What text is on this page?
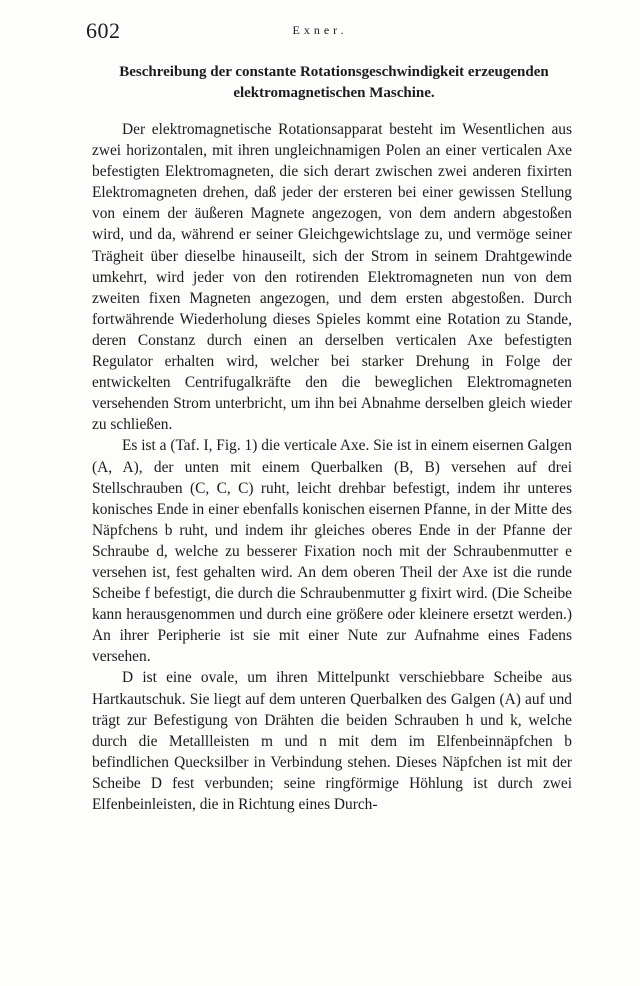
602	Exner.
Beschreibung der constante Rotationsgeschwindigkeit erzeugenden
elektromagnetischen Maschine.

Der elektromagnetische Rotationsapparat besteht im Wesentlichen aus zwei horizontalen, mit ihren ungleichnamigen Polen an einer verticalen Axe befestigten Elektromagneten, die sich derart zwischen zwei anderen fixirten Elektromagneten drehen, daß jeder der ersteren bei einer gewissen Stellung von einem der äußeren Magnete angezogen, von dem andern abgestoßen wird, und da, während er seiner Gleichgewichtslage zu, und vermöge seiner Trägheit über dieselbe hinauseilt, sich der Strom in seinem Drahtgewinde umkehrt, wird jeder von den rotirenden Elektromagneten nun von dem zweiten fixen Magneten angezogen, und dem ersten abgestoßen. Durch fortwährende Wiederholung dieses Spieles kommt eine Rotation zu Stande, deren Constanz durch einen an derselben verticalen Axe befestigten Regulator erhalten wird, welcher bei starker Drehung in Folge der entwickelten Centrifugalkräfte den die beweglichen Elektromagneten versehenden Strom unterbricht, um ihn bei Abnahme derselben gleich wieder zu schließen.

Es ist a (Taf. I, Fig. 1) die verticale Axe. Sie ist in einem eisernen Galgen (A, A), der unten mit einem Querbalken (B, B) versehen auf drei Stellschrauben (C, C, C) ruht, leicht drehbar befestigt, indem ihr unteres konisches Ende in einer ebenfalls konischen eisernen Pfanne, in der Mitte des Näpfchens b ruht, und indem ihr gleiches oberes Ende in der Pfanne der Schraube d, welche zu besserer Fixation noch mit der Schraubenmutter e versehen ist, fest gehalten wird. An dem oberen Theil der Axe ist die runde Scheibe f befestigt, die durch die Schraubenmutter g fixirt wird. (Die Scheibe kann herausgenommen und durch eine größere oder kleinere ersetzt werden.) An ihrer Peripherie ist sie mit einer Nute zur Aufnahme eines Fadens versehen.

D ist eine ovale, um ihren Mittelpunkt verschiebbare Scheibe aus Hartkautschuk. Sie liegt auf dem unteren Querbalken des Galgen (A) auf und trägt zur Befestigung von Drähten die beiden Schrauben h und k, welche durch die Metallleisten m und n mit dem im Elfenbeinnäpfchen b befindlichen Quecksilber in Verbindung stehen. Dieses Näpfchen ist mit der Scheibe D fest verbunden; seine ringförmige Höhlung ist durch zwei Elfenbeinleisten, die in Richtung eines Durch-
